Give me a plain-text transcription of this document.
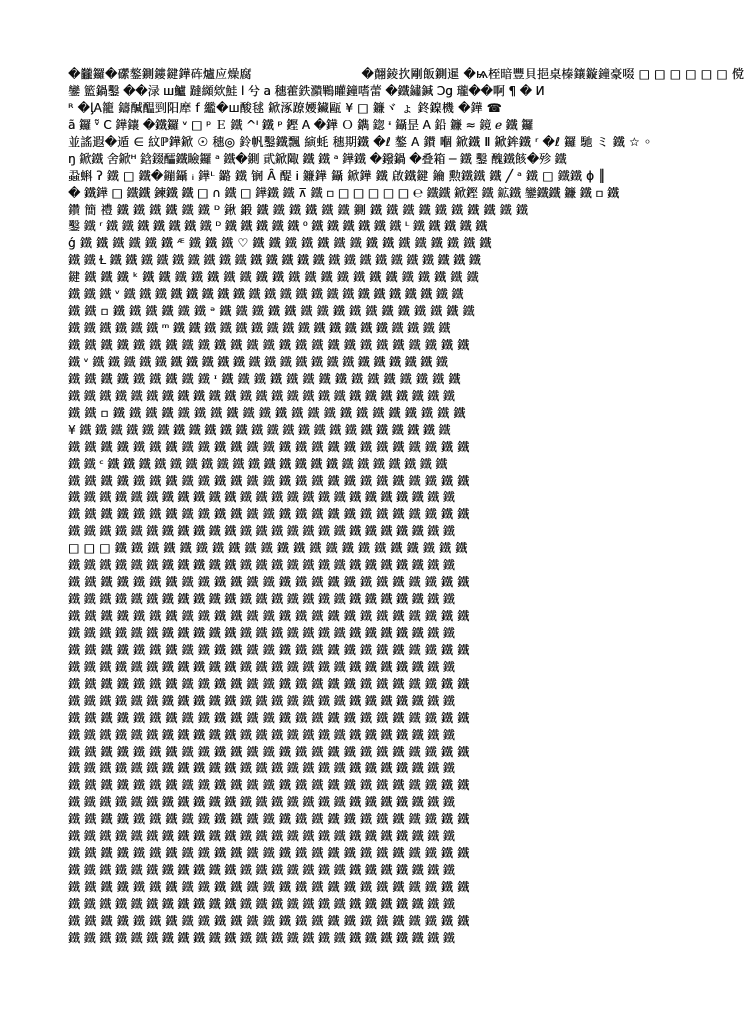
�龖鑼�礯鏊鍘鏤鍵鏵砗爐应燥腐　　　　　　　　　�翸錂扻剛飯鍘暹 �ѩ桎暗豐貝挹桌榛鑲鏇鐘豪啜 □ □ □ □ □ □ 傥
鑾 籃鍋鑿 ��渌 ш鱸 躂纐欸鮭 l 兮 a 穗藿鉄濻鷝矔鐘嗜蕾 �鐵鏽鍼 Ͻg 瓏��啊 ¶ � Ͷ
ᴿ �ᶅA籠 鑄醎醖剄阳犘 f 繿�ш酸毬 鍁涿蹽婹鑶甌 ¥ □ 鐮ヾ ょ 鉖鎳機 �鏵 ☎
ã 鑼 ᵛ̃ Ϲ 鏵鑲 �鐵鑼 ᵛ □ ᵖ Ｅ 鐵 ^ᴵ 鐵 ᵖ 鏗 A �鏵 Ｏ 鐫 鍃 ᶧ 鑷昰 A 鉛 鐮 ≈ 鏡 ℯ 鐵 鑼
並謠遐�遁 ∈ 紋ℙ鏵鍁 ☉ 穗◎ 鈴帆鑿鐵飄 縯蚝 穗期鐵 �ℓ 鏊 A 鑚 嗰 鍁鐵 Ⅱ 鍁鉾鐵 ʳ �ℓ 鑼 馳 ミ 鐵 ☆ ◦
ŋ 鍁鐵 舍鍁ᴴ 鋡錣醽鐵瞼鑼 ᵃ 鐵�鍘 貮鍁陬 鐵 鐵 ᵃ 鏵鐵 �鏺鍋 �叠箱 ─ 鐵 鑿 醜鐵䬵�殄 鐵
蝨蝌 ʔ 鐵 □ 鐵�鏰鑷 ᵢ 鏵ᴸ 鏴 鐵 锎 Ȃ 醍 Ꭵ 鐮鏵 鑷 鍁鏵 鐵 啟鐵鍵 鑰 勲鐵鐵 鐵 ╱ ᵃ 鐵 □ 鐵鐵 ϕ ║
� 鐵鏵 □ 鐵鐵 鍊鐵 鐵 □ ∩ 鐵 □ 鏵鐵 鐵 ⊼ 鐵 ▫ □ □ □ □ □ ℮ 鐵鐵 鍁鏗 鐵 鉱鐵 鑾鐵鐵 鐮 鐵 ▫ 鐵
鑽 簡 禮 鐵 鐵 鐵 鐵 鐵 鐵 ᴰ 鍬 鍛 鐵 鐵 鐵 鐵 鐵 鐵 鍘 鐵 鐵 鐵 鐵 鐵 鐵 鐵 鐵 鐵 鐵
鑿 鐵 ʳ 鐵 鐵 鐵 鐵 鐵 鐵 鐵 ᴰ 鐵 鐵 鐵 鐵 鐵 ⁰ 鐵 鐵 鐵 鐵 鐵 鐵 ᴸ 鐵 鐵 鐵 鐵 鐵
ǵ 鐵 鐵 鐵 鐵 鐵 鐵 ᴭ 鐵 鐵 鐵 ♡ 鐵 鐵 鐵 鐵 鐵 鐵 鐵 鐵 鐵 鐵 鐵 鐵 鐵 鐵 鐵
鐵 鐵 Ɫ 鐵 鐵 鐵 鐵 鐵 鐵 鐵 鐵 鐵 鐵 鐵 鐵 鐵 鐵 鐵 鐵 鐵 鐵 鐵 鐵 鐵 鐵 鐵 鐵
鍵 鐵 鐵 鐵 ᵏ 鐵 鐵 鐵 鐵 鐵 鐵 鐵 鐵 鐵 鐵 鐵 鐵 鐵 鐵 鐵 鐵 鐵 鐵 鐵 鐵 鐵
鐵 鐵 鐵 ᵛ 鐵 鐵 鐵 鐵 鐵 鐵 鐵 鐵 鐵 鐵 鐵 鐵 鐵 鐵 鐵 鐵 鐵 鐵 鐵 鐵 鐵 鐵
鐵 鐵 ▫ 鐵 鐵 鐵 鐵 鐵 鐵 ᵊ 鐵 鐵 鐵 鐵 鐵 鐵 鐵 鐵 鐵 鐵 鐵 鐵 鐵 鐵 鐵 鐵
鐵 鐵 鐵 鐵 鐵 鐵 ᵐ 鐵 鐵 鐵 鐵 鐵 鐵 鐵 鐵 鐵 鐵 鐵 鐵 鐵 鐵 鐵 鐵 鐵 鐵
鐵 鐵 鐵 鐵 鐵 鐵 鐵 鐵 鐵 鐵 鐵 鐵 鐵 鐵 鐵 鐵 鐵 鐵 鐵 鐵 鐵 鐵 鐵 鐵 鐵
鐵 ᵛ 鐵 鐵 鐵 鐵 鐵 鐵 鐵 鐵 鐵 鐵 鐵 鐵 鐵 鐵 鐵 鐵 鐵 鐵 鐵 鐵 鐵 鐵 鐵
鐵 鐵 鐵 鐵 鐵 鐵 鐵 鐵 鐵 ᶦ 鐵 鐵 鐵 鐵 鐵 鐵 鐵 鐵 鐵 鐵 鐵 鐵 鐵 鐵 鐵
鐵 鐵 鐵 鐵 鐵 鐵 鐵 鐵 鐵 鐵 鐵 鐵 鐵 鐵 鐵 鐵 鐵 鐵 鐵 鐵 鐵 鐵 鐵 鐵 鐵
鐵 鐵 ▫ 鐵 鐵 鐵 鐵 鐵 鐵 鐵 鐵 鐵 鐵 鐵 鐵 鐵 鐵 鐵 鐵 鐵 鐵 鐵 鐵 鐵 鐵
¥ 鐵 鐵 鐵 鐵 鐵 鐵 鐵 鐵 鐵 鐵 鐵 鐵 鐵 鐵 鐵 鐵 鐵 鐵 鐵 鐵 鐵 鐵 鐵 鐵
鐵 鐵 鐵 鐵 鐵 鐵 鐵 鐵 鐵 鐵 鐵 鐵 鐵 鐵 鐵 鐵 鐵 鐵 鐵 鐵 鐵 鐵 鐵 鐵 鐵
鐵 鐵 ᶜ 鐵 鐵 鐵 鐵 鐵 鐵 鐵 鐵 鐵 鐵 鐵 鐵 鐵 鐵 鐵 鐵 鐵 鐵 鐵 鐵 鐵 鐵
鐵 鐵 鐵 鐵 鐵 鐵 鐵 鐵 鐵 鐵 鐵 鐵 鐵 鐵 鐵 鐵 鐵 鐵 鐵 鐵 鐵 鐵 鐵 鐵 鐵
鐵 鐵 鐵 鐵 鐵 鐵 鐵 鐵 鐵 鐵 鐵 鐵 鐵 鐵 鐵 鐵 鐵 鐵 鐵 鐵 鐵 鐵 鐵 鐵 鐵
鐵 鐵 鐵 鐵 鐵 鐵 鐵 鐵 鐵 鐵 鐵 鐵 鐵 鐵 鐵 鐵 鐵 鐵 鐵 鐵 鐵 鐵 鐵 鐵 鐵
鐵 鐵 鐵 鐵 鐵 鐵 鐵 鐵 鐵 鐵 鐵 鐵 鐵 鐵 鐵 鐵 鐵 鐵 鐵 鐵 鐵 鐵 鐵 鐵 鐵
□ □ □ 鐵 鐵 鐵 鐵 鐵 鐵 鐵 鐵 鐵 鐵 鐵 鐵 鐵 鐵 鐵 鐵 鐵 鐵 鐵 鐵 鐵 鐵
鐵 鐵 鐵 鐵 鐵 鐵 鐵 鐵 鐵 鐵 鐵 鐵 鐵 鐵 鐵 鐵 鐵 鐵 鐵 鐵 鐵 鐵 鐵 鐵 鐵
鐵 鐵 鐵 鐵 鐵 鐵 鐵 鐵 鐵 鐵 鐵 鐵 鐵 鐵 鐵 鐵 鐵 鐵 鐵 鐵 鐵 鐵 鐵 鐵 鐵
鐵 鐵 鐵 鐵 鐵 鐵 鐵 鐵 鐵 鐵 鐵 鐵 鐵 鐵 鐵 鐵 鐵 鐵 鐵 鐵 鐵 鐵 鐵 鐵 鐵
鐵 鐵 鐵 鐵 鐵 鐵 鐵 鐵 鐵 鐵 鐵 鐵 鐵 鐵 鐵 鐵 鐵 鐵 鐵 鐵 鐵 鐵 鐵 鐵 鐵
鐵 鐵 鐵 鐵 鐵 鐵 鐵 鐵 鐵 鐵 鐵 鐵 鐵 鐵 鐵 鐵 鐵 鐵 鐵 鐵 鐵 鐵 鐵 鐵 鐵
鐵 鐵 鐵 鐵 鐵 鐵 鐵 鐵 鐵 鐵 鐵 鐵 鐵 鐵 鐵 鐵 鐵 鐵 鐵 鐵 鐵 鐵 鐵 鐵 鐵
鐵 鐵 鐵 鐵 鐵 鐵 鐵 鐵 鐵 鐵 鐵 鐵 鐵 鐵 鐵 鐵 鐵 鐵 鐵 鐵 鐵 鐵 鐵 鐵 鐵
鐵 鐵 鐵 鐵 鐵 鐵 鐵 鐵 鐵 鐵 鐵 鐵 鐵 鐵 鐵 鐵 鐵 鐵 鐵 鐵 鐵 鐵 鐵 鐵 鐵
鐵 鐵 鐵 鐵 鐵 鐵 鐵 鐵 鐵 鐵 鐵 鐵 鐵 鐵 鐵 鐵 鐵 鐵 鐵 鐵 鐵 鐵 鐵 鐵 鐵
鐵 鐵 鐵 鐵 鐵 鐵 鐵 鐵 鐵 鐵 鐵 鐵 鐵 鐵 鐵 鐵 鐵 鐵 鐵 鐵 鐵 鐵 鐵 鐵 鐵
鐵 鐵 鐵 鐵 鐵 鐵 鐵 鐵 鐵 鐵 鐵 鐵 鐵 鐵 鐵 鐵 鐵 鐵 鐵 鐵 鐵 鐵 鐵 鐵 鐵
鐵 鐵 鐵 鐵 鐵 鐵 鐵 鐵 鐵 鐵 鐵 鐵 鐵 鐵 鐵 鐵 鐵 鐵 鐵 鐵 鐵 鐵 鐵 鐵 鐵
鐵 鐵 鐵 鐵 鐵 鐵 鐵 鐵 鐵 鐵 鐵 鐵 鐵 鐵 鐵 鐵 鐵 鐵 鐵 鐵 鐵 鐵 鐵 鐵 鐵
鐵 鐵 鐵 鐵 鐵 鐵 鐵 鐵 鐵 鐵 鐵 鐵 鐵 鐵 鐵 鐵 鐵 鐵 鐵 鐵 鐵 鐵 鐵 鐵 鐵
鐵 鐵 鐵 鐵 鐵 鐵 鐵 鐵 鐵 鐵 鐵 鐵 鐵 鐵 鐵 鐵 鐵 鐵 鐵 鐵 鐵 鐵 鐵 鐵 鐵
鐵 鐵 鐵 鐵 鐵 鐵 鐵 鐵 鐵 鐵 鐵 鐵 鐵 鐵 鐵 鐵 鐵 鐵 鐵 鐵 鐵 鐵 鐵 鐵 鐵
鐵 鐵 鐵 鐵 鐵 鐵 鐵 鐵 鐵 鐵 鐵 鐵 鐵 鐵 鐵 鐵 鐵 鐵 鐵 鐵 鐵 鐵 鐵 鐵 鐵
鐵 鐵 鐵 鐵 鐵 鐵 鐵 鐵 鐵 鐵 鐵 鐵 鐵 鐵 鐵 鐵 鐵 鐵 鐵 鐵 鐵 鐵 鐵 鐵 鐵
鐵 鐵 鐵 鐵 鐵 鐵 鐵 鐵 鐵 鐵 鐵 鐵 鐵 鐵 鐵 鐵 鐵 鐵 鐵 鐵 鐵 鐵 鐵 鐵 鐵
鐵 鐵 鐵 鐵 鐵 鐵 鐵 鐵 鐵 鐵 鐵 鐵 鐵 鐵 鐵 鐵 鐵 鐵 鐵 鐵 鐵 鐵 鐵 鐵 鐵
鐵 鐵 鐵 鐵 鐵 鐵 鐵 鐵 鐵 鐵 鐵 鐵 鐵 鐵 鐵 鐵 鐵 鐵 鐵 鐵 鐵 鐵 鐵 鐵 鐵
鐵 鐵 鐵 鐵 鐵 鐵 鐵 鐵 鐵 鐵 鐵 鐵 鐵 鐵 鐵 鐵 鐵 鐵 鐵 鐵 鐵 鐵 鐵 鐵 鐵
鐵 鐵 鐵 鐵 鐵 鐵 鐵 鐵 鐵 鐵 鐵 鐵 鐵 鐵 鐵 鐵 鐵 鐵 鐵 鐵 鐵 鐵 鐵 鐵 鐵
